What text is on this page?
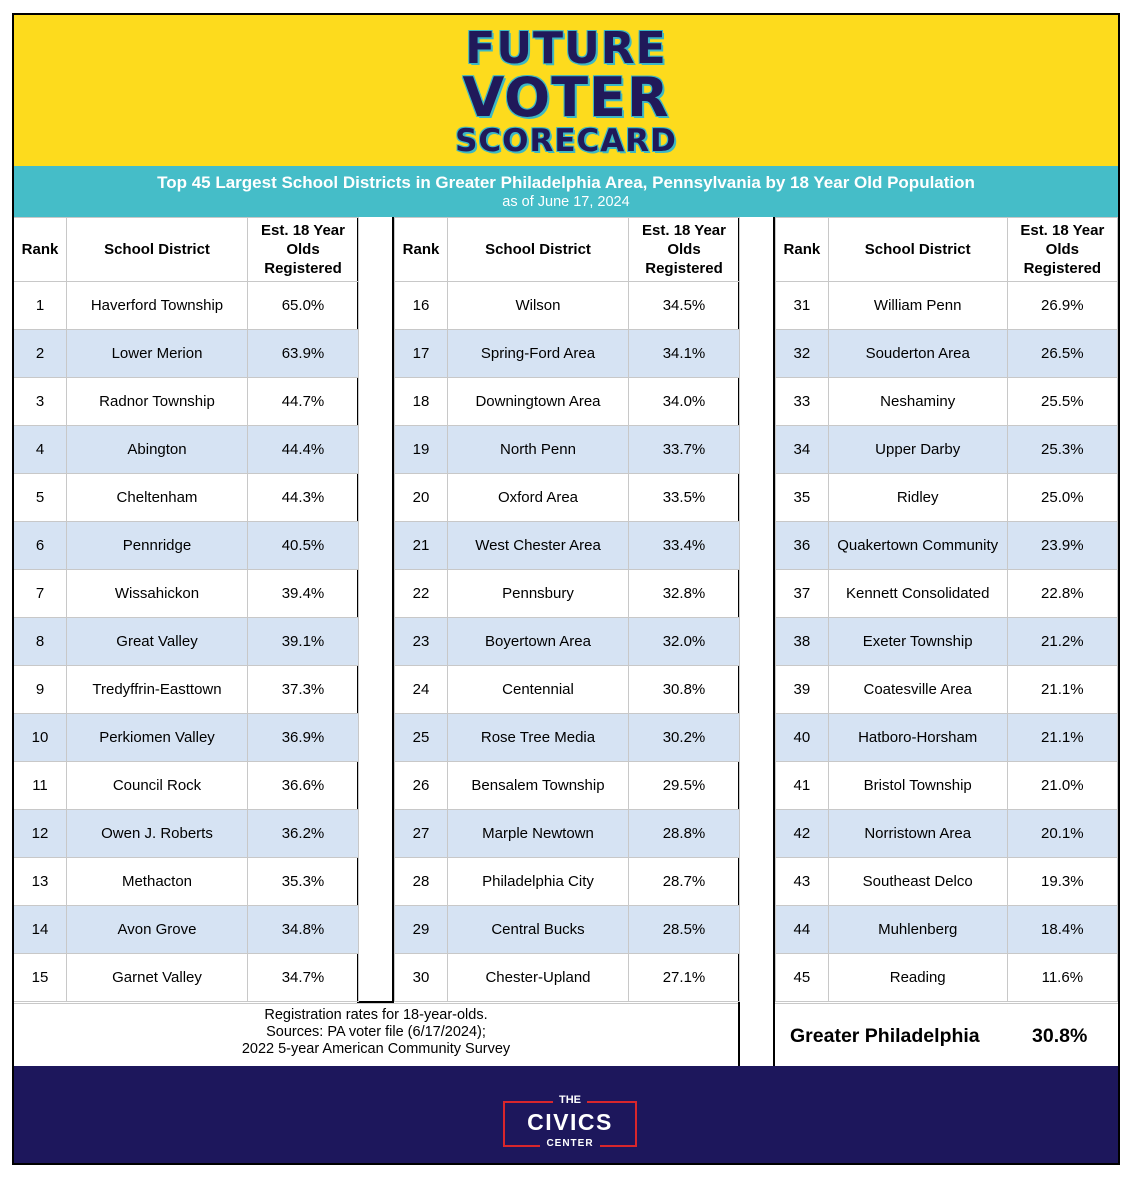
FUTURE
VOTER
SCORECARD
Top 45 Largest School Districts in Greater Philadelphia Area, Pennsylvania by 18 Year Old Population
as of June 17, 2024
Rank	School District	Est. 18 Year
Olds
Registered

1	Haverford Township	65.0%
2	Lower Merion	63.9%
3	Radnor Township	44.7%
4	Abington	44.4%
5	Cheltenham	44.3%
6	Pennridge	40.5%
7	Wissahickon	39.4%
8	Great Valley	39.1%
9	Tredyffrin-Easttown	37.3%
10	Perkiomen Valley	36.9%
11	Council Rock	36.6%
12	Owen J. Roberts	36.2%
13	Methacton	35.3%
14	Avon Grove	34.8%
15	Garnet Valley	34.7%
Rank	School District	Est. 18 Year
Olds
Registered

16	Wilson	34.5%
17	Spring-Ford Area	34.1%
18	Downingtown Area	34.0%
19	North Penn	33.7%
20	Oxford Area	33.5%
21	West Chester Area	33.4%
22	Pennsbury	32.8%
23	Boyertown Area	32.0%
24	Centennial	30.8%
25	Rose Tree Media	30.2%
26	Bensalem Township	29.5%
27	Marple Newtown	28.8%
28	Philadelphia City	28.7%
29	Central Bucks	28.5%
30	Chester-Upland	27.1%
Rank	School District	Est. 18 Year
Olds
Registered

31	William Penn	26.9%
32	Souderton Area	26.5%
33	Neshaminy	25.5%
34	Upper Darby	25.3%
35	Ridley	25.0%
36	Quakertown Community	23.9%
37	Kennett Consolidated	22.8%
38	Exeter Township	21.2%
39	Coatesville Area	21.1%
40	Hatboro-Horsham	21.1%
41	Bristol Township	21.0%
42	Norristown Area	20.1%
43	Southeast Delco	19.3%
44	Muhlenberg	18.4%
45	Reading	11.6%
Registration rates for 18-year-olds.
Sources: PA voter file (6/17/2024);
2022 5-year American Community Survey
Greater Philadelphia	30.8%
THE
CIVICS
CENTER
